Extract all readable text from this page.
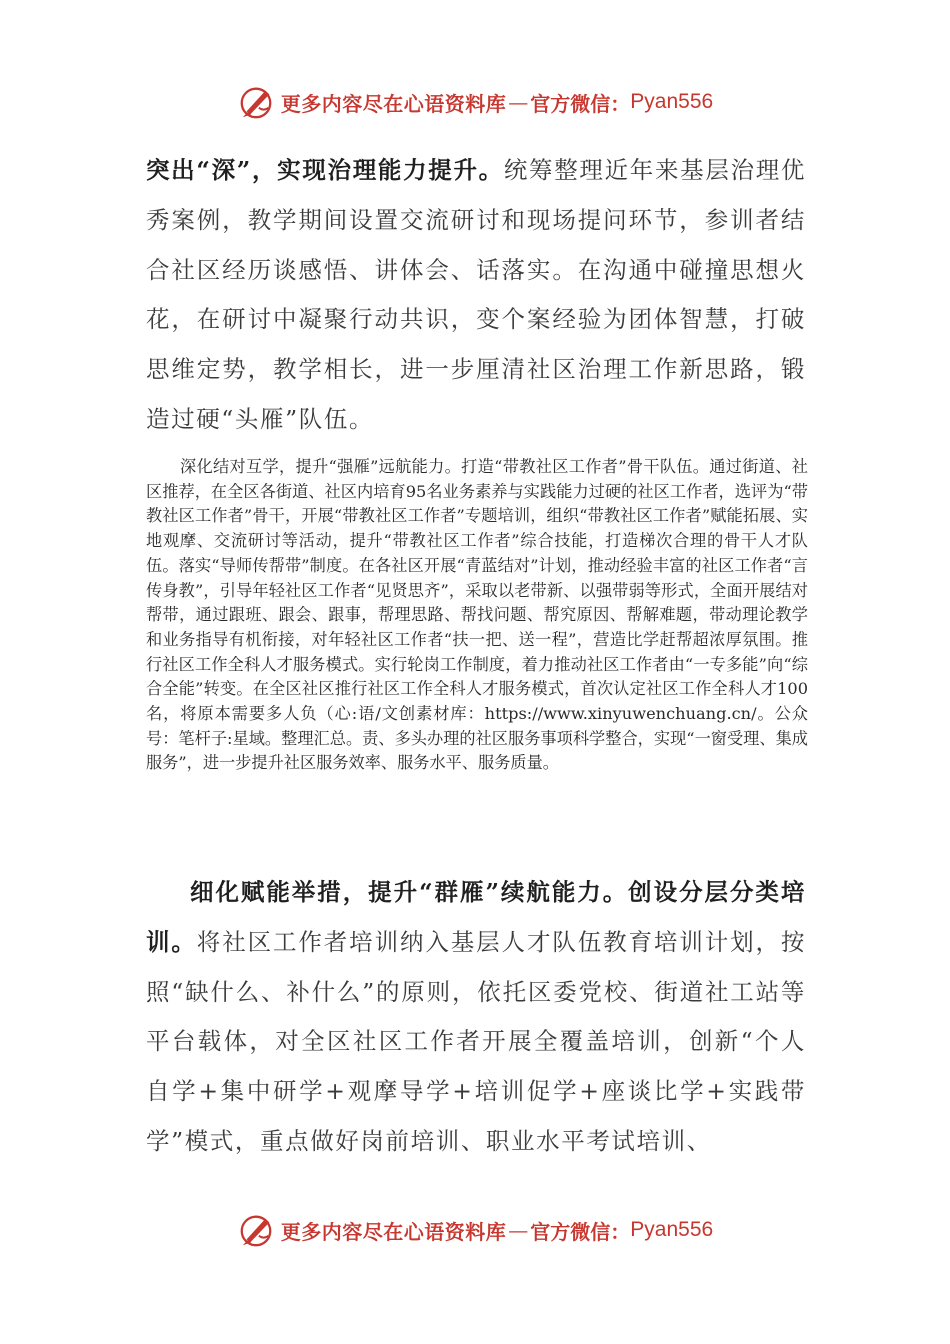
更多内容尽在心语资料库 — 官方微信： Pyan556
突出“深”，实现治理能力提升。统筹整理近年来基层治理优秀案例，教学期间设置交流研讨和现场提问环节，参训者结合社区经历谈感悟、讲体会、话落实。在沟通中碰撞思想火花，在研讨中凝聚行动共识，变个案经验为团体智慧，打破思维定势，教学相长，进一步厘清社区治理工作新思路，锻造过硬“头雁”队伍。
深化结对互学，提升“强雁”远航能力。打造“带教社区工作者”骨干队伍。通过街道、社区推荐，在全区各街道、社区内培育95名业务素养与实践能力过硬的社区工作者，选评为“带教社区工作者”骨干，开展“带教社区工作者”专题培训，组织“带教社区工作者”赋能拓展、实地观摩、交流研讨等活动，提升“带教社区工作者”综合技能，打造梯次合理的骨干人才队伍。落实“导师传帮带”制度。在各社区开展“青蓝结对”计划，推动经验丰富的社区工作者“言传身教”，引导年轻社区工作者“见贤思齐”，采取以老带新、以强带弱等形式，全面开展结对帮带，通过跟班、跟会、跟事，帮理思路、帮找问题、帮究原因、帮解难题，带动理论教学和业务指导有机衔接，对年轻社区工作者“扶一把、送一程”，营造比学赶帮超浓厚氛围。推行社区工作全科人才服务模式。实行轮岗工作制度，着力推动社区工作者由“一专多能”向“综合全能”转变。在全区社区推行社区工作全科人才服务模式，首次认定社区工作全科人才100名，将原本需要多人负（心:语/文创素材库：https://www.xinyuwenchuang.cn/。公众号：笔杆子:星域。整理汇总。责、多头办理的社区服务事项科学整合，实现“一窗受理、集成服务”，进一步提升社区服务效率、服务水平、服务质量。
细化赋能举措，提升“群雁”续航能力。创设分层分类培训。将社区工作者培训纳入基层人才队伍教育培训计划，按照“缺什么、补什么”的原则，依托区委党校、街道社工站等平台载体，对全区社区工作者开展全覆盖培训，创新“个人自学+集中研学+观摩导学+培训促学+座谈比学+实践带学”模式，重点做好岗前培训、职业水平考试培训、
更多内容尽在心语资料库 — 官方微信： Pyan556
